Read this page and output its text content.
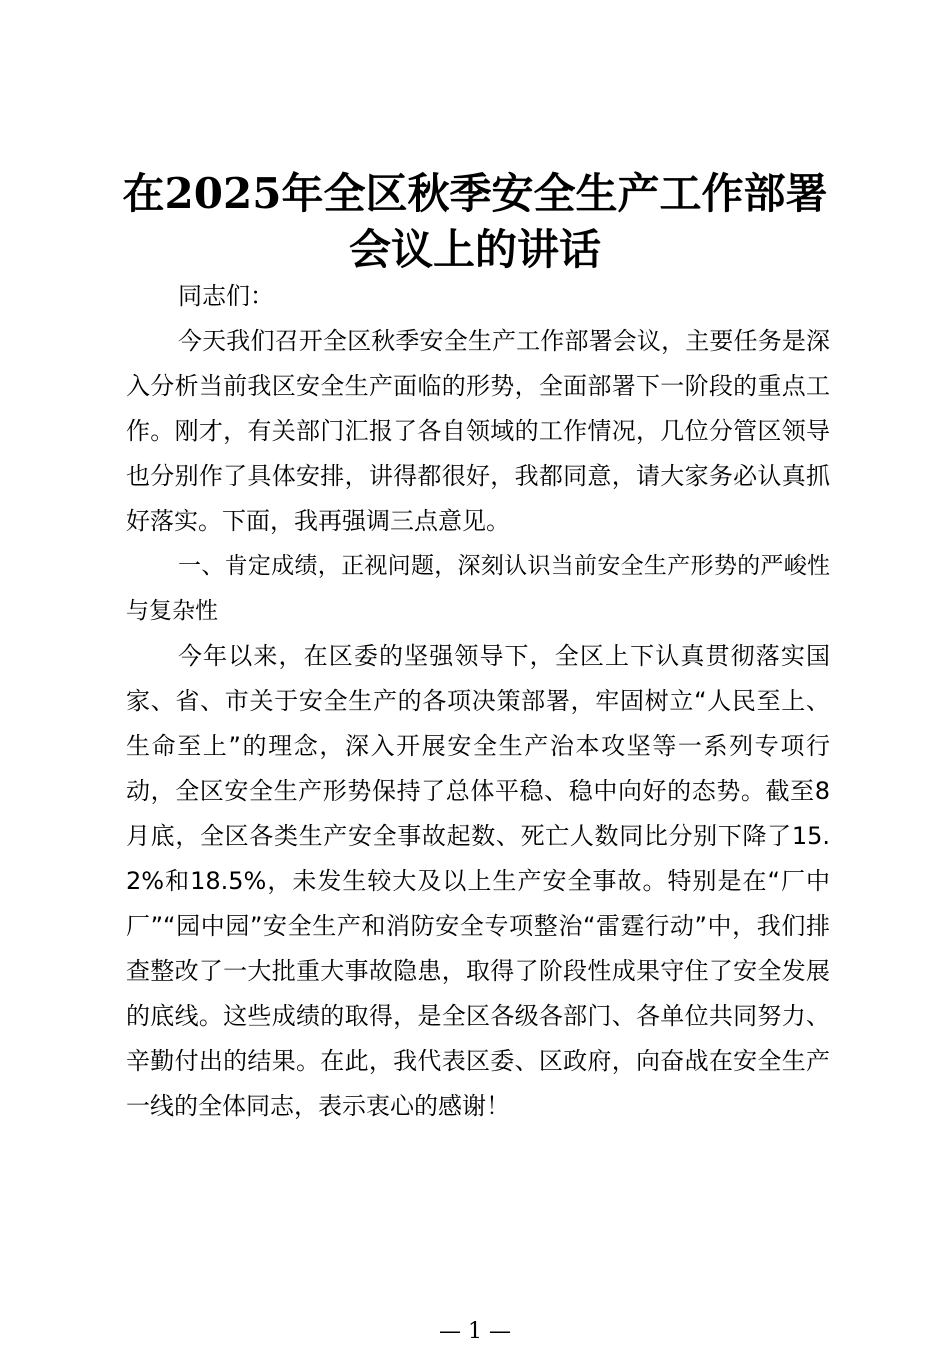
在2025年全区秋季安全生产工作部署
会议上的讲话

同志们：

今天我们召开全区秋季安全生产工作部署会议，主要任务是深入分析当前我区安全生产面临的形势，全面部署下一阶段的重点工作。刚才，有关部门汇报了各自领域的工作情况，几位分管区领导也分别作了具体安排，讲得都很好，我都同意，请大家务必认真抓好落实。下面，我再强调三点意见。

一、肯定成绩，正视问题，深刻认识当前安全生产形势的严峻性与复杂性

今年以来，在区委的坚强领导下，全区上下认真贯彻落实国家、省、市关于安全生产的各项决策部署，牢固树立“人民至上、生命至上”的理念，深入开展安全生产治本攻坚等一系列专项行动，全区安全生产形势保持了总体平稳、稳中向好的态势。截至8月底，全区各类生产安全事故起数、死亡人数同比分别下降了15.2%和18.5%，未发生较大及以上生产安全事故。特别是在“厂中厂”“园中园”安全生产和消防安全专项整治“雷霆行动”中，我们排查整改了一大批重大事故隐患，取得了阶段性成果守住了安全发展的底线。这些成绩的取得，是全区各级各部门、各单位共同努力、辛勤付出的结果。在此，我代表区委、区政府，向奋战在安全生产一线的全体同志，表示衷心的感谢！

— 1 —
